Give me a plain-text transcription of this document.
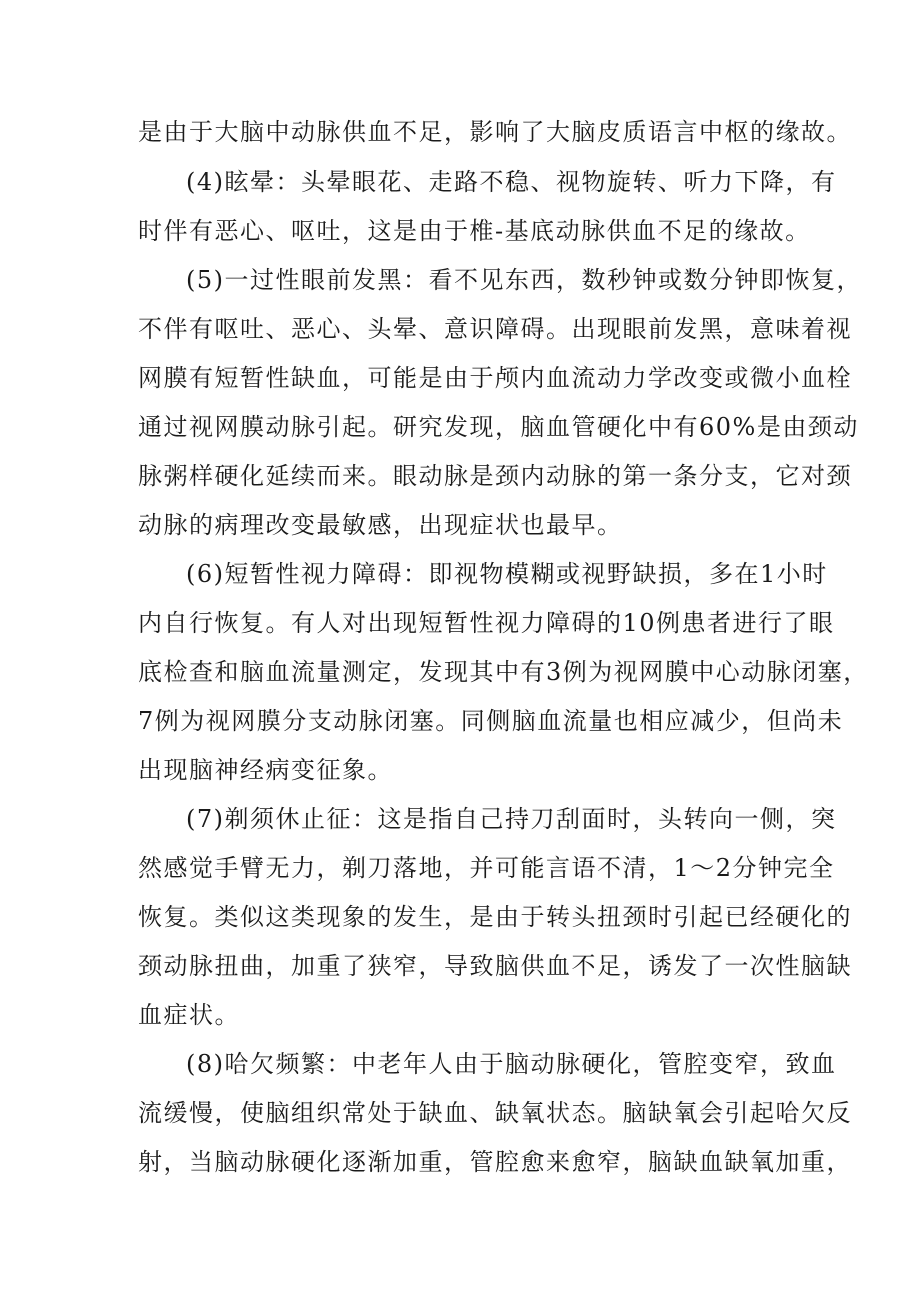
是由于大脑中动脉供血不足，影响了大脑皮质语言中枢的缘故。
(4)眩晕：头晕眼花、走路不稳、视物旋转、听力下降，有
时伴有恶心、呕吐，这是由于椎-基底动脉供血不足的缘故。
(5)一过性眼前发黑：看不见东西，数秒钟或数分钟即恢复，
不伴有呕吐、恶心、头晕、意识障碍。出现眼前发黑，意味着视
网膜有短暂性缺血，可能是由于颅内血流动力学改变或微小血栓
通过视网膜动脉引起。研究发现，脑血管硬化中有60%是由颈动
脉粥样硬化延续而来。眼动脉是颈内动脉的第一条分支，它对颈
动脉的病理改变最敏感，出现症状也最早。
(6)短暂性视力障碍：即视物模糊或视野缺损，多在1小时
内自行恢复。有人对出现短暂性视力障碍的10例患者进行了眼
底检查和脑血流量测定，发现其中有3例为视网膜中心动脉闭塞，
7例为视网膜分支动脉闭塞。同侧脑血流量也相应减少，但尚未
出现脑神经病变征象。
(7)剃须休止征：这是指自己持刀刮面时，头转向一侧，突
然感觉手臂无力，剃刀落地，并可能言语不清，1～2分钟完全
恢复。类似这类现象的发生，是由于转头扭颈时引起已经硬化的
颈动脉扭曲，加重了狭窄，导致脑供血不足，诱发了一次性脑缺
血症状。
(8)哈欠频繁：中老年人由于脑动脉硬化，管腔变窄，致血
流缓慢，使脑组织常处于缺血、缺氧状态。脑缺氧会引起哈欠反
射，当脑动脉硬化逐渐加重，管腔愈来愈窄，脑缺血缺氧加重，
